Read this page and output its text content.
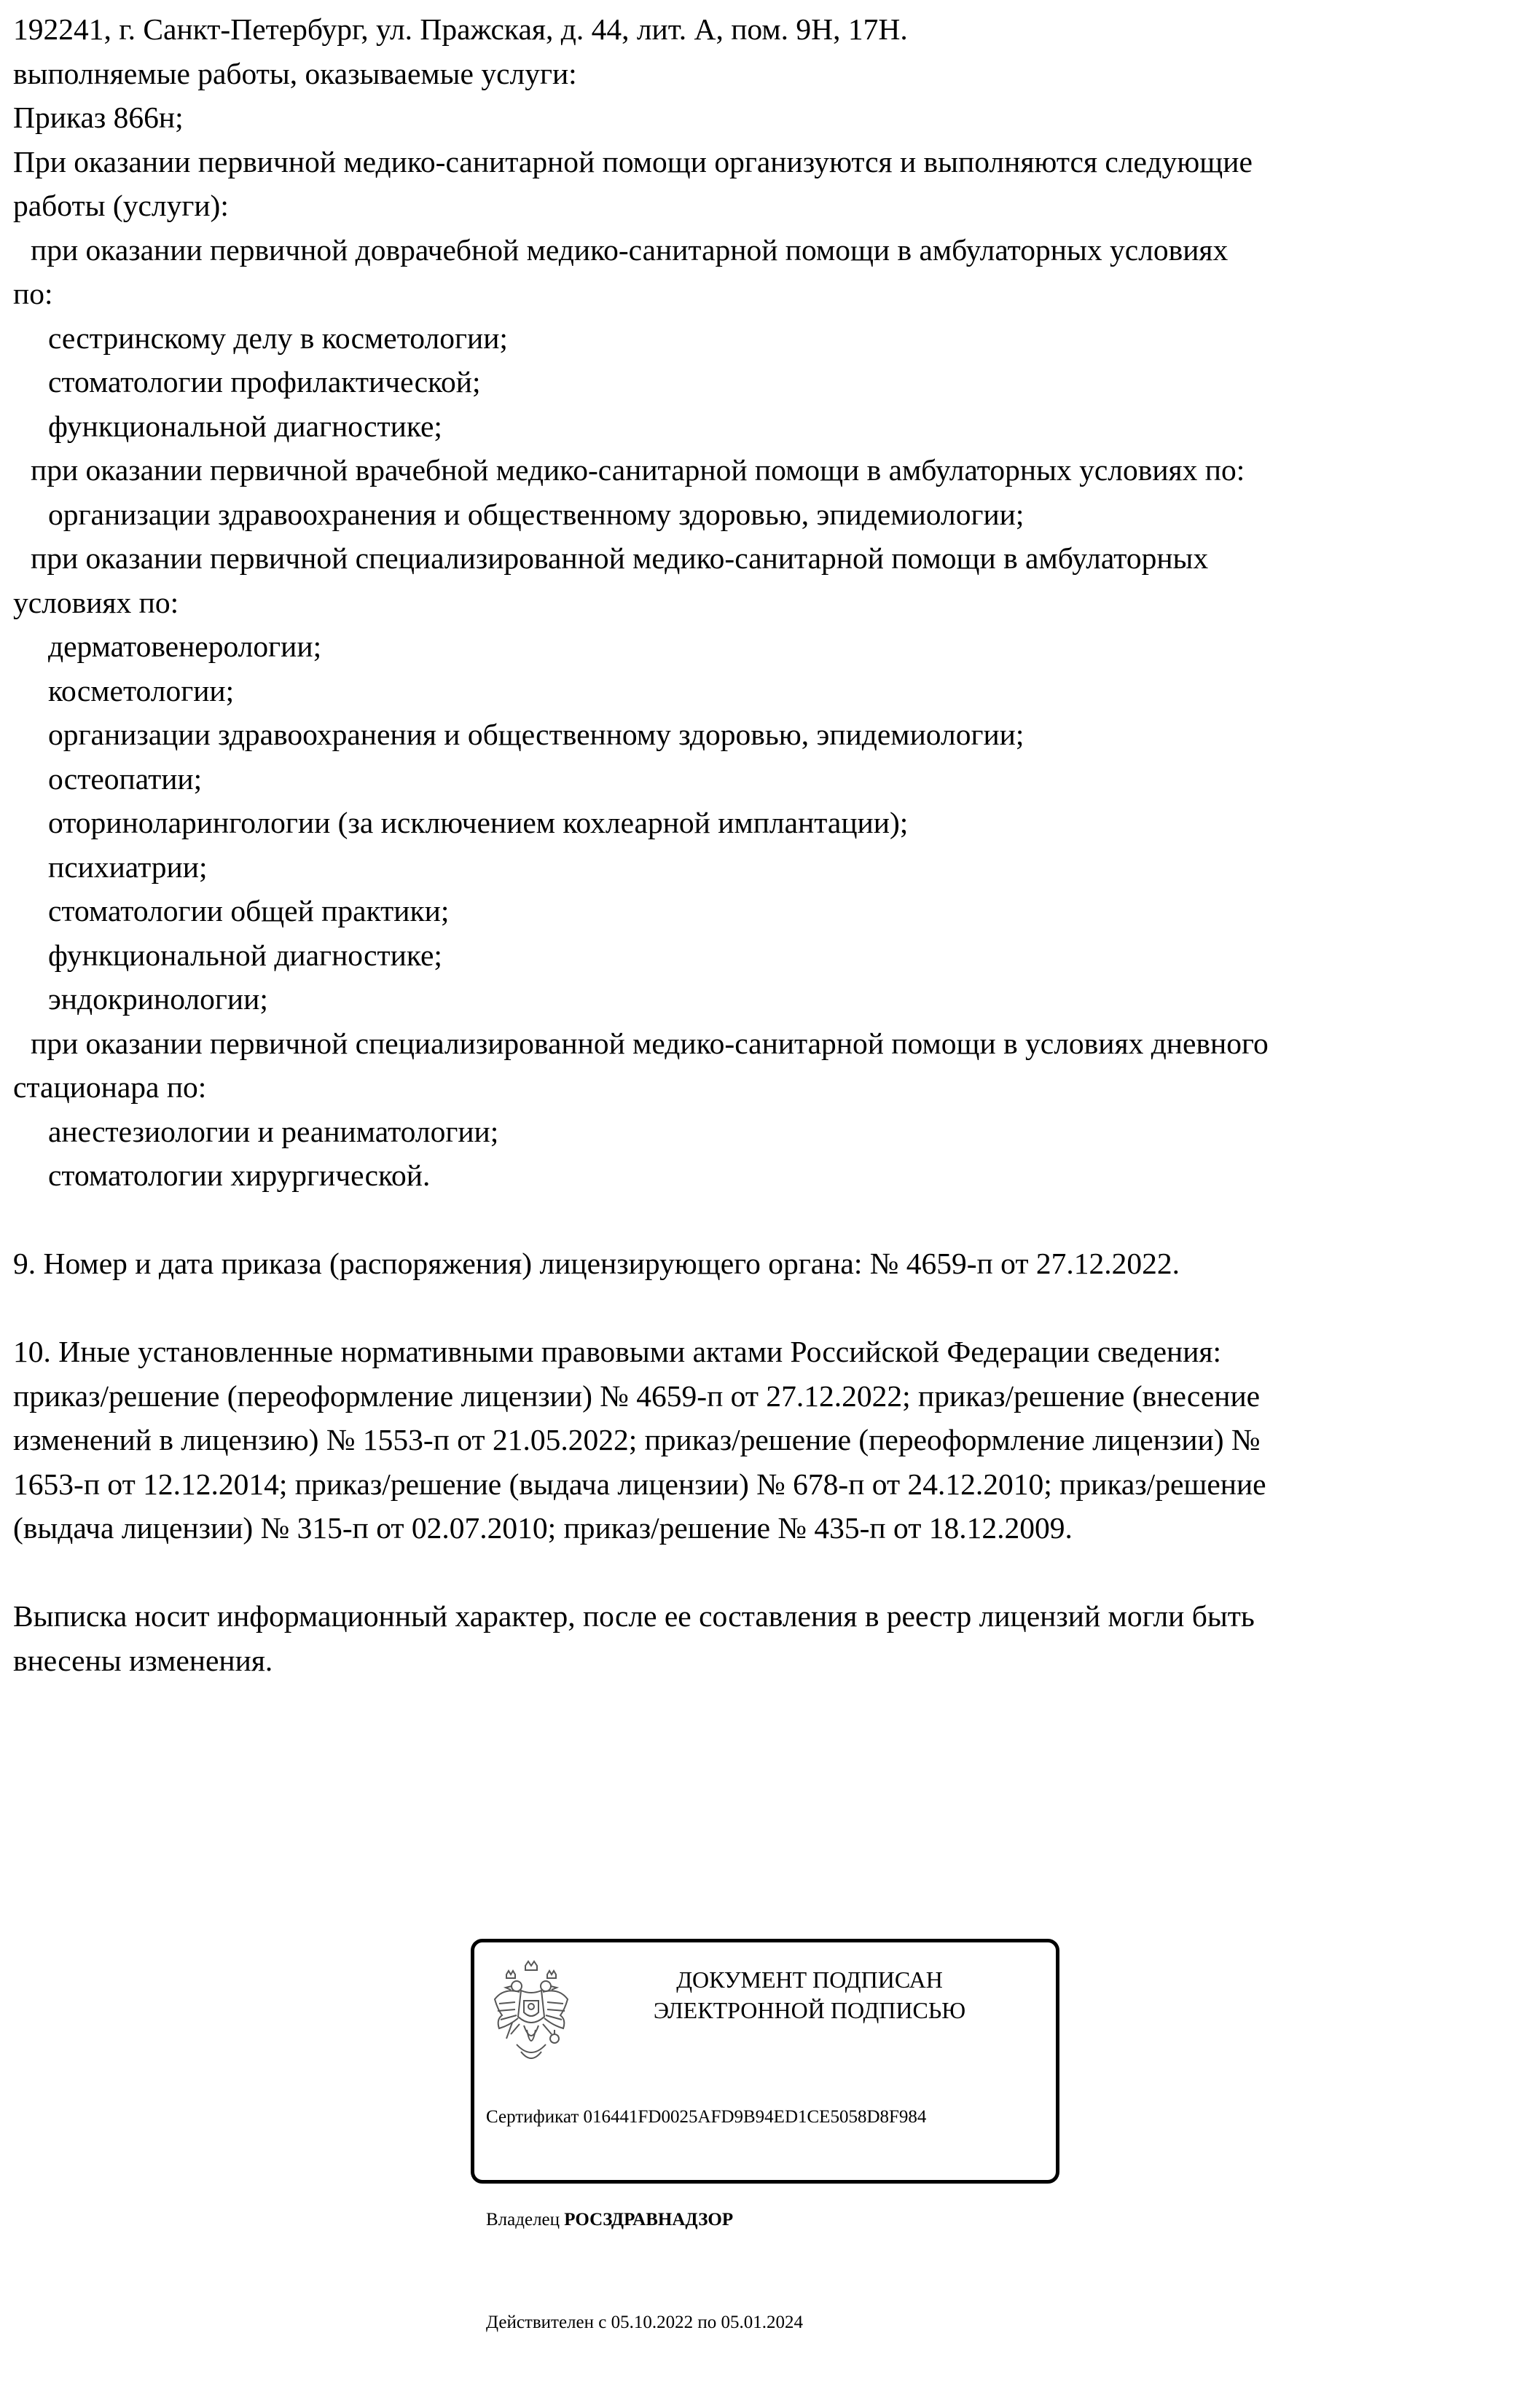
192241, г. Санкт-Петербург, ул. Пражская, д. 44, лит. А, пом. 9Н, 17Н.
выполняемые работы, оказываемые услуги:
Приказ 866н;
При оказании первичной медико-санитарной помощи организуются и выполняются следующие
работы (услуги):
при оказании первичной доврачебной медико-санитарной помощи в амбулаторных условиях
по:
сестринскому делу в косметологии;
стоматологии профилактической;
функциональной диагностике;
при оказании первичной врачебной медико-санитарной помощи в амбулаторных условиях по:
организации здравоохранения и общественному здоровью, эпидемиологии;
при оказании первичной специализированной медико-санитарной помощи в амбулаторных
условиях по:
дерматовенерологии;
косметологии;
организации здравоохранения и общественному здоровью, эпидемиологии;
остеопатии;
оториноларингологии (за исключением кохлеарной имплантации);
психиатрии;
стоматологии общей практики;
функциональной диагностике;
эндокринологии;
при оказании первичной специализированной медико-санитарной помощи в условиях дневного
стационара по:
анестезиологии и реаниматологии;
стоматологии хирургической.
9. Номер и дата приказа (распоряжения) лицензирующего органа: № 4659-п от 27.12.2022.
10. Иные установленные нормативными правовыми актами Российской Федерации сведения:
приказ/решение (переоформление лицензии) № 4659-п от 27.12.2022; приказ/решение (внесение
изменений в лицензию) № 1553-п от 21.05.2022; приказ/решение (переоформление лицензии) №
1653-п от 12.12.2014; приказ/решение (выдача лицензии) № 678-п от 24.12.2010; приказ/решение
(выдача лицензии) № 315-п от 02.07.2010; приказ/решение № 435-п от 18.12.2009.
Выписка носит информационный характер, после ее составления в реестр лицензий могли быть
внесены изменения.
ДОКУМЕНТ ПОДПИСАН
ЭЛЕКТРОННОЙ ПОДПИСЬЮ

Сертификат 016441FD0025AFD9B94ED1CE5058D8F984

Владелец РОСЗДРАВНАДЗОР

Действителен с 05.10.2022 по 05.01.2024
